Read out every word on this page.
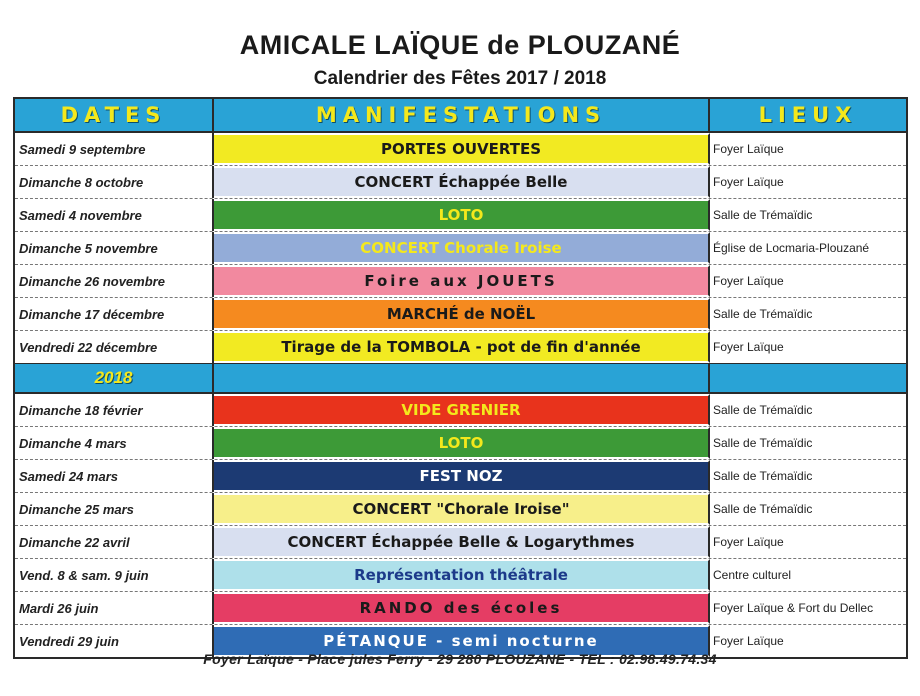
AMICALE LAÏQUE de PLOUZANÉ
Calendrier des Fêtes 2017 / 2018
DATES	MANIFESTATIONS	LIEUX
Samedi 9 septembre	PORTES OUVERTES	Foyer Laïque
Dimanche 8 octobre	CONCERT Échappée Belle	Foyer Laïque
Samedi 4 novembre	LOTO	Salle de Trémaïdic
Dimanche 5 novembre	CONCERT Chorale Iroise	Église de Locmaria-Plouzané
Dimanche 26 novembre	Foire aux JOUETS	Foyer Laïque
Dimanche 17 décembre	MARCHÉ de NOËL	Salle de Trémaïdic
Vendredi 22 décembre	Tirage de la TOMBOLA - pot de fin d'année	Foyer Laïque
2018
Dimanche 18 février	VIDE GRENIER	Salle de Trémaïdic
Dimanche 4 mars	LOTO	Salle de Trémaïdic
Samedi 24 mars	FEST NOZ	Salle de Trémaïdic
Dimanche 25 mars	CONCERT "Chorale Iroise"	Salle de Trémaïdic
Dimanche 22 avril	CONCERT Échappée Belle & Logarythmes	Foyer Laïque
Vend. 8 & sam. 9 juin	Représentation théâtrale	Centre culturel
Mardi 26 juin	RANDO des écoles	Foyer Laïque & Fort du Dellec
Vendredi 29 juin	PÉTANQUE - semi nocturne	Foyer Laïque
Foyer Laïque - Place jules Ferry - 29 280 PLOUZANE - TEL : 02.98.49.74.34
